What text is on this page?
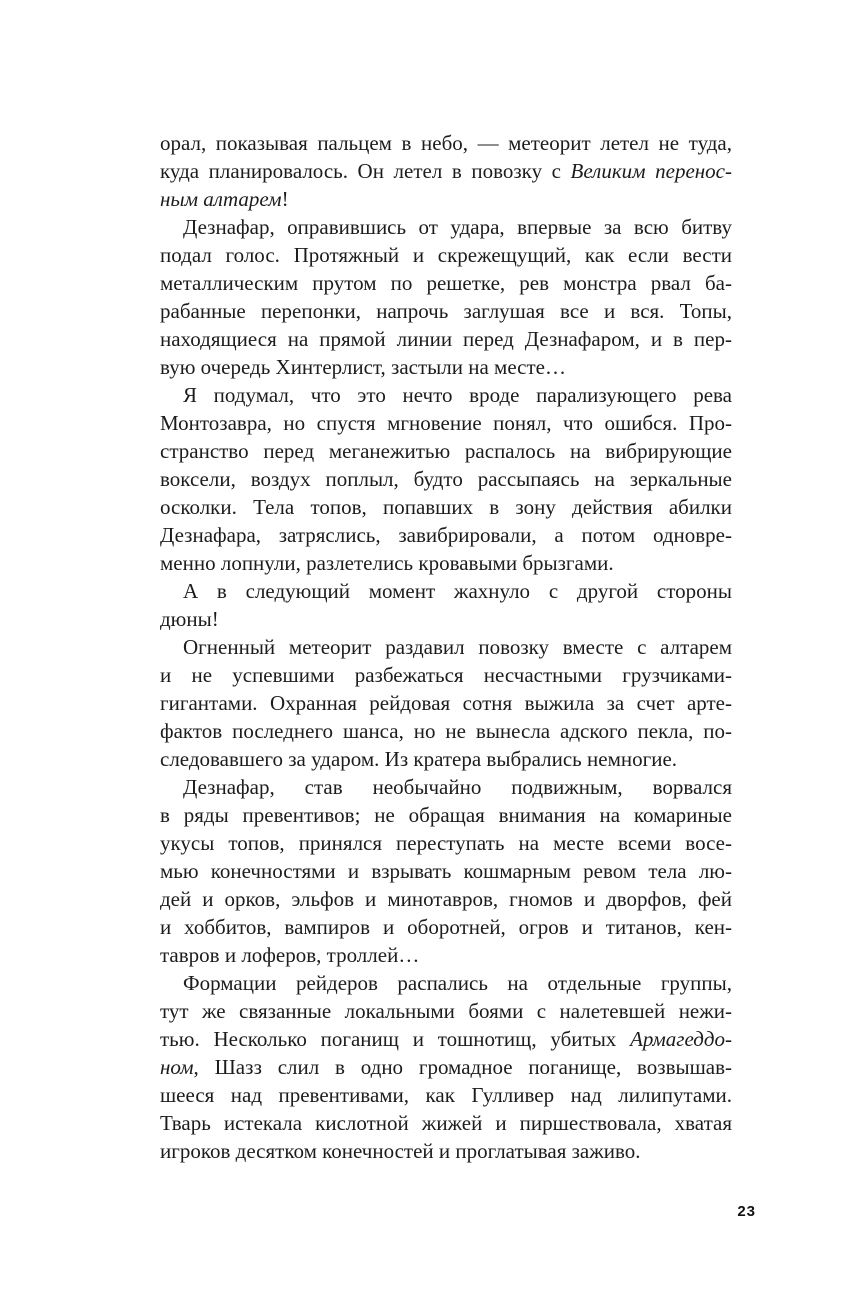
орал, показывая пальцем в небо, — метеорит летел не туда,
куда планировалось. Он летел в повозку с Великим перенос-
ным алтарем!
Дезнафар, оправившись от удара, впервые за всю битву
подал голос. Протяжный и скрежещущий, как если вести
металлическим прутом по решетке, рев монстра рвал ба-
рабанные перепонки, напрочь заглушая все и вся. Топы,
находящиеся на прямой линии перед Дезнафаром, и в пер-
вую очередь Хинтерлист, застыли на месте…
Я подумал, что это нечто вроде парализующего рева
Монтозавра, но спустя мгновение понял, что ошибся. Про-
странство перед меганежитью распалось на вибрирующие
воксели, воздух поплыл, будто рассыпаясь на зеркальные
осколки. Тела топов, попавших в зону действия абилки
Дезнафара, затряслись, завибрировали, а потом одновре-
менно лопнули, разлетелись кровавыми брызгами.
А в следующий момент жахнуло с другой стороны
дюны!
Огненный метеорит раздавил повозку вместе с алтарем
и не успевшими разбежаться несчастными грузчиками-
гигантами. Охранная рейдовая сотня выжила за счет арте-
фактов последнего шанса, но не вынесла адского пекла, по-
следовавшего за ударом. Из кратера выбрались немногие.
Дезнафар, став необычайно подвижным, ворвался
в ряды превентивов; не обращая внимания на комариные
укусы топов, принялся переступать на месте всеми восе-
мью конечностями и взрывать кошмарным ревом тела лю-
дей и орков, эльфов и минотавров, гномов и дворфов, фей
и хоббитов, вампиров и оборотней, огров и титанов, кен-
тавров и лоферов, троллей…
Формации рейдеров распались на отдельные группы,
тут же связанные локальными боями с налетевшей нежи-
тью. Несколько поганищ и тошнотищ, убитых Армагеддо-
ном, Шазз слил в одно громадное поганище, возвышав-
шееся над превентивами, как Гулливер над лилипутами.
Тварь истекала кислотной жижей и пиршествовала, хватая
игроков десятком конечностей и проглатывая заживо.
23
